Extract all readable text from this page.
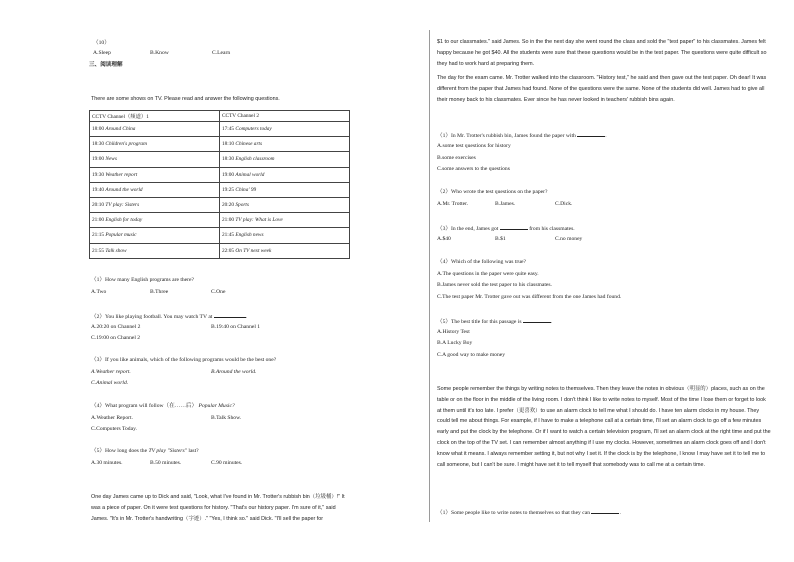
（10）
A.Sleep	B.Know	C.Learn
三、阅读理解
There are some shows on TV. Please read and answer the following questions.
CCTV Channel（频道）1	CCTV Channel 2
18:00 Around China	17:45 Computers today
18:30 Children's program	18:10 Chinese arts
19:00 News	18:30 English classroom
19:30 Weather report	19:00 Animal world
19:40 Around the world	19:25 China' 99
20:10 TV play: Sisters	20:20 Sports
21:00 English for today	21:00 TV play: What is Love
21:15 Popular music	21:45 English news
21:55 Talk show	22:05 On TV next week
（1）How many English programs are there?
A.Two	B.Three	C.One
（2）You like playing football. You may watch TV at	.
A.20:20 on Channel 2	B.19:40 on Channel 1
C.19:00 on Channel 2
（3）If you like animals, which of the following programs would be the best one?
A.Weather report.	B.Around the world.
C.Animal world.
（4）What program will follow（在……后） Popular Music?
A.Weather Report.	B.Talk Show.
C.Computers Today.
（5）How long does the TV play "Sisters" last?
A.30 minutes.	B.50 minutes.	C.90 minutes.

One day James came up to Dick and said, "Look, what I've found in Mr. Trotter's rubbish bin（垃圾桶）!" It was a piece of paper. On it were test questions for history. "That's our history paper. I'm sure of it," said James. "It's in Mr. Trotter's handwriting（字迹）." "Yes, I think so." said Dick. "I'll sell the paper for

$1 to our classmates." said James. So in the the next day she went round the class and sold the "test paper" to his classmates. James felt happy because he got $40. All the students were sure that these questions would be in the test paper. The questions were quite difficult so they had to work hard at preparing them.

The day for the exam came. Mr. Trotter walked into the classroom. "History test," he said and then gave out the test paper. Oh dear! It was different from the paper that James had found. None of the questions were the same. None of the students did well. James had to give all their money back to his classmates. Ever since he has never looked in teachers' rubbish bins again.

（1）In Mr. Trotter's rubbish bin, James found the paper with	.
A.some test questions for history
B.some exercises
C.some answers to the questions
（2）Who wrote the test questions on the paper?
A.Mr. Trotter.	B.James.	C.Dick.
（3）In the end, James got	from his classmates.
A.$40	B.$1	C.no money
（4）Which of the following was true?
A.The questions in the paper were quite easy.
B.James never sold the test paper to his classmates.
C.The test paper Mr. Trotter gave out was different from the one James had found.
（5）The best title for this passage is	.
A.History Test
B.A Lucky Boy
C.A good way to make money

Some people remember the things by writing notes to themselves. Then they leave the notes in obvious（明显的）places, such as on the table or on the floor in the middle of the living room. I don't think I like to write notes to myself. Most of the time I lose them or forget to look at them until it's too late. I prefer（更喜欢）to use an alarm clock to tell me what I should do. I have ten alarm clocks in my house. They could tell me about things. For example, if I have to make a telephone call at a certain time, I'll set an alarm clock to go off a few minutes early and put the clock by the telephone. Or if I want to watch a certain television program, I'll set an alarm clock at the right time and put the clock on the top of the TV set. I can remember almost anything if I use my clocks. However, sometimes an alarm clock goes off and I don't know what it means. I always remember setting it, but not why I set it. If the clock is by the telephone, I know I may have set it to tell me to call someone, but I can't be sure. I might have set it to tell myself that somebody was to call me at a certain time.

（1）Some people like to write notes to themselves so that they can	.
